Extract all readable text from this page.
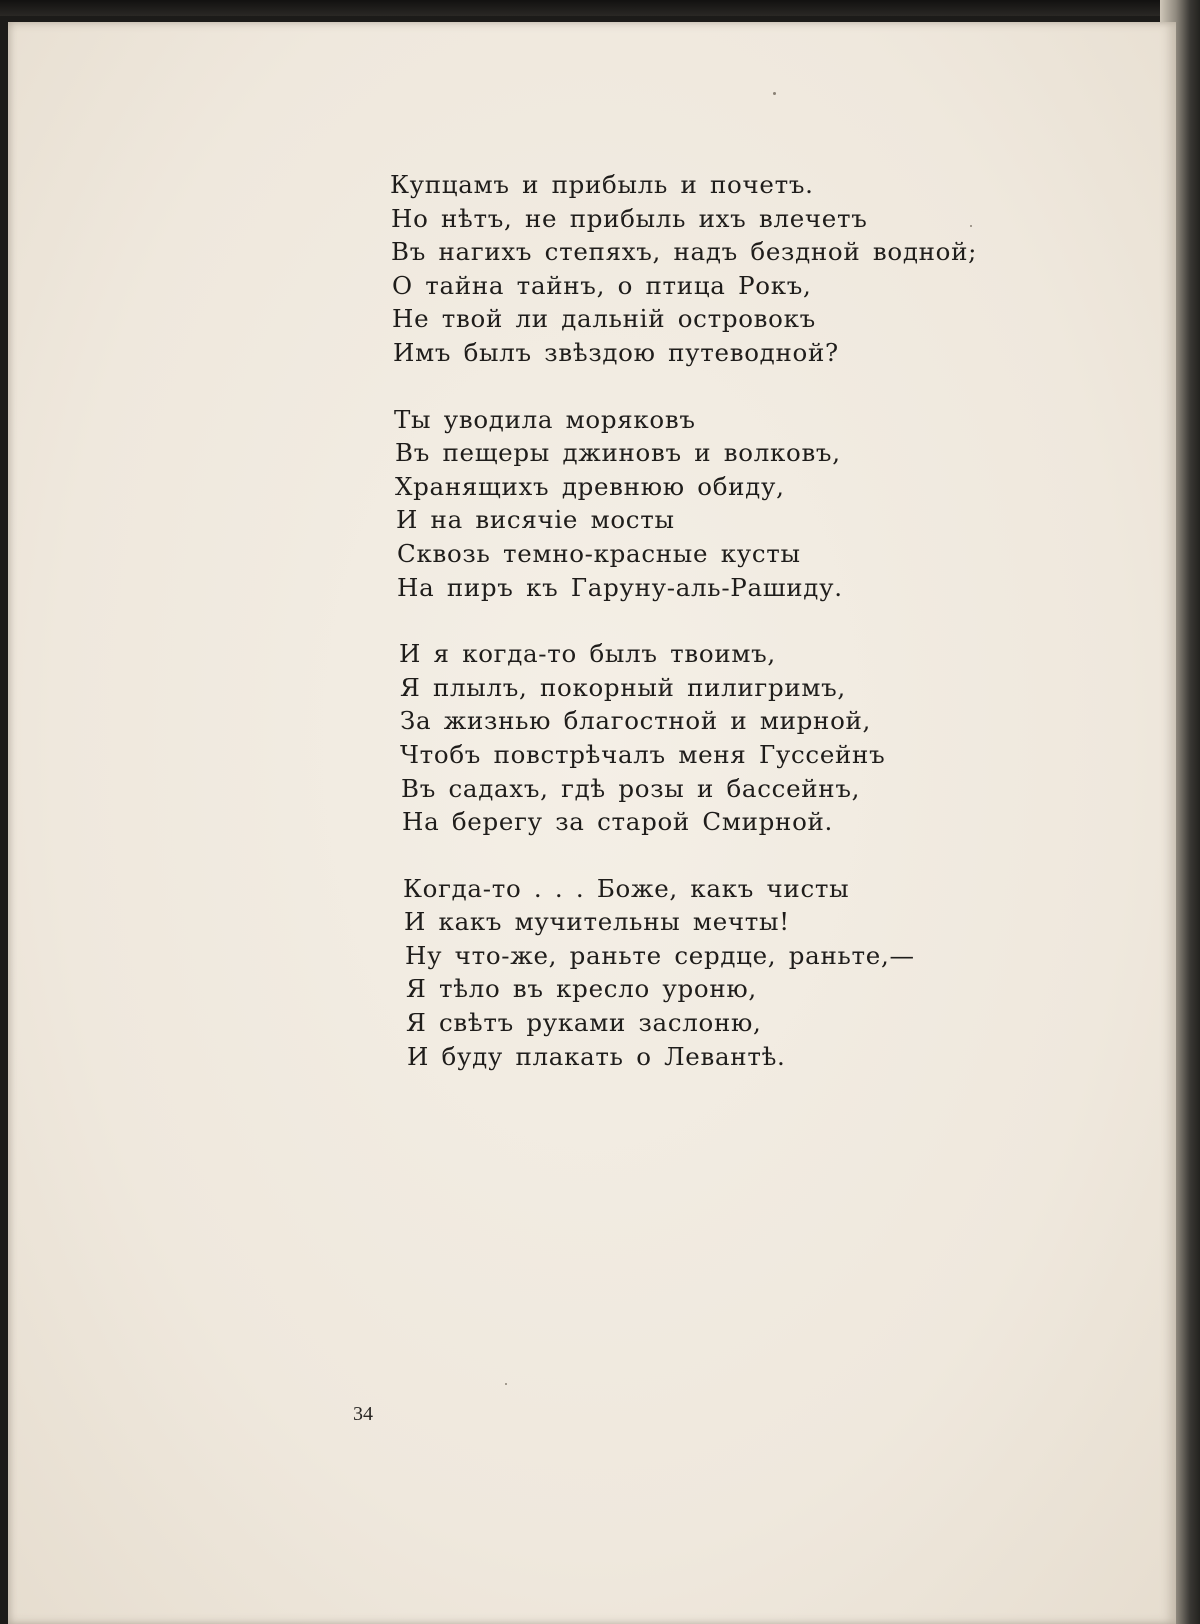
Купцамъ и прибыль и почетъ.
Но нѣтъ, не прибыль ихъ влечетъ
Въ нагихъ степяхъ, надъ бездной водной;
О тайна тайнъ, о птица Рокъ,
Не твой ли дальнiй островокъ
Имъ былъ звѣздою путеводной?
Ты уводила моряковъ
Въ пещеры джиновъ и волковъ,
Хранящихъ древнюю обиду,
И на висячiе мосты
Сквозь темно-красные кусты
На пиръ къ Гаруну-аль-Рашиду.
И я когда-то былъ твоимъ,
Я плылъ, покорный пилигримъ,
За жизнью благостной и мирной,
Чтобъ повстрѣчалъ меня Гуссейнъ
Въ садахъ, гдѣ розы и бассейнъ,
На берегу за старой Смирной.
Когда-то . . . Боже, какъ чисты
И какъ мучительны мечты!
Ну что-же, раньте сердце, раньте,—
Я тѣло въ кресло уроню,
Я свѣтъ руками заслоню,
И буду плакать о Левантѣ.
34
